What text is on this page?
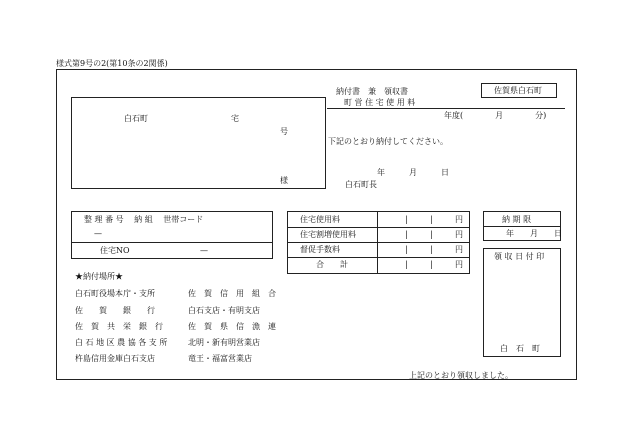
様式第9号の2(第10条の2関係)
白石町	宅
号
様
納付書　兼　領収書
町 営 住 宅 使 用 料
佐賀県白石町
年度(　　　　月　　　　分)
下記のとおり納付してください。
年　　　月　　　日
白石町長
整 理 番 号　 納 組　 世帯コード
—
住宅NO	—
住宅使用料	|	|	円
住宅割増使用料	|	|	円
督促手数料	|	|	円
合　　計	|	|	円
納 期 限
年　　月　　日
領 収 日 付 印
白　石　町
★納付場所★
白石町役場本庁・支所	佐　賀　信　用　組　合
佐　　賀　　銀　　行	白石支店・有明支店
佐　賀　共　栄　銀　行	佐　賀　県　信　漁　連
白 石 地 区 農 協 各 支 所	北明・新有明営業店
杵島信用金庫白石支店	竜王・福富営業店
上記のとおり領収しました。
